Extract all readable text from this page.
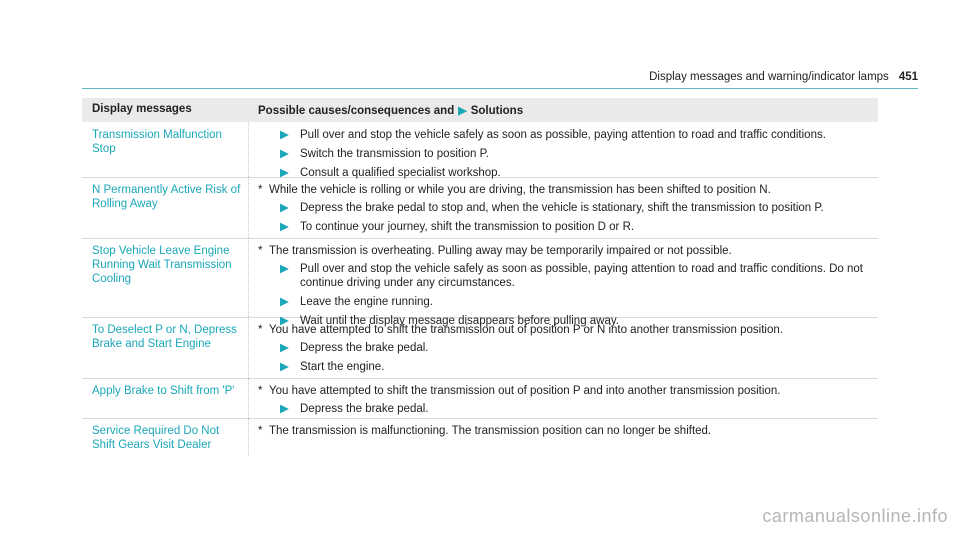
Display messages and warning/indicator lamps 451
Display messages	Possible causes/consequences and ▶ Solutions
Transmission Malfunction Stop
▶ Pull over and stop the vehicle safely as soon as possible, paying attention to road and traffic conditions.
▶ Switch the transmission to position P.
▶ Consult a qualified specialist workshop.
N Permanently Active Risk of Rolling Away
* While the vehicle is rolling or while you are driving, the transmission has been shifted to position N.
▶ Depress the brake pedal to stop and, when the vehicle is stationary, shift the transmission to position P.
▶ To continue your journey, shift the transmission to position D or R.
Stop Vehicle Leave Engine Running Wait Transmission Cooling
* The transmission is overheating. Pulling away may be temporarily impaired or not possible.
▶ Pull over and stop the vehicle safely as soon as possible, paying attention to road and traffic conditions. Do not continue driving under any circumstances.
▶ Leave the engine running.
▶ Wait until the display message disappears before pulling away.
To Deselect P or N, Depress Brake and Start Engine
* You have attempted to shift the transmission out of position P or N into another transmission position.
▶ Depress the brake pedal.
▶ Start the engine.
Apply Brake to Shift from 'P'	* You have attempted to shift the transmission out of position P and into another transmission position.
▶ Depress the brake pedal.
Service Required Do Not Shift Gears Visit Dealer
* The transmission is malfunctioning. The transmission position can no longer be shifted.
carmanualsonline.info
